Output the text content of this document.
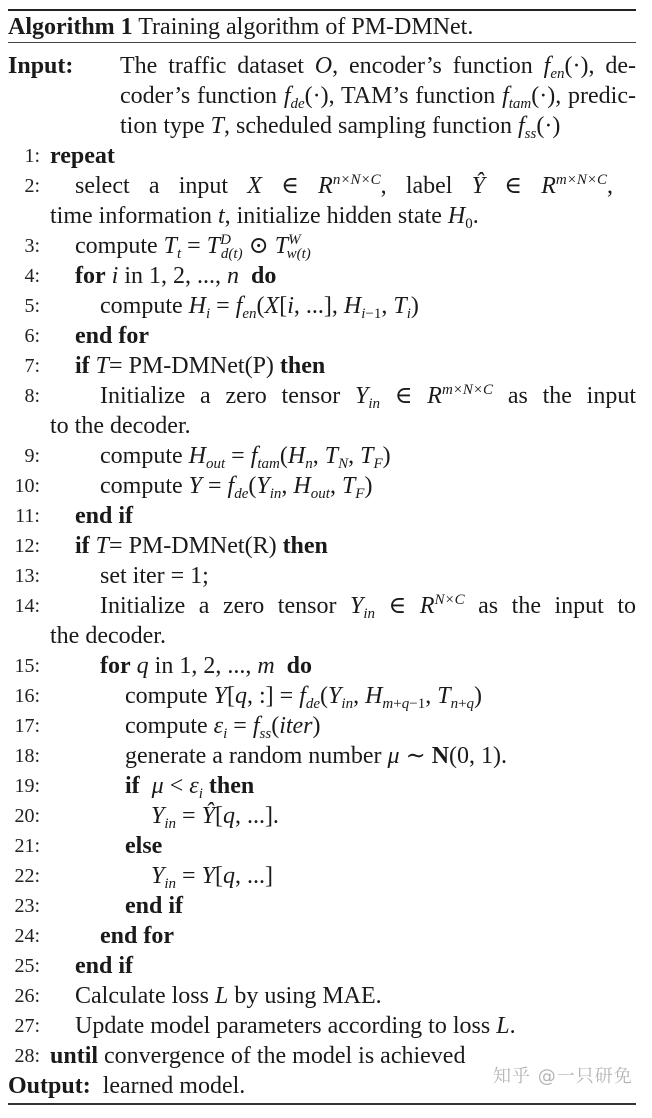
Algorithm 1 Training algorithm of PM-DMNet.
Input: The traffic dataset O, encoder’s function $f_{en}(\cdot)$, de-
coder’s function $f_{de}(\cdot)$, TAM’s function $f_{tam}(\cdot)$, predic-
tion type T, scheduled sampling function $f_{ss}(\cdot)$
1: repeat
2: select a input X ∈ $R^{n\times N\times C}$, label Ŷ ∈ $R^{m\times N\times C}$,
time information t, initialize hidden state $H_0$.
3: compute $T_t = T^D_{d(t)}$ ⊙ $T^W_{w(t)}$
4: for i in 1, 2, ..., n do
5:	compute $H_i = f_{en}(X[i$, ...], $H_{i-1}$, $T_i$)
6: end for
7: if T= PM-DMNet(P) then
8:	Initialize a zero tensor $Y_{in}$ ∈ $R^{m\times N\times C}$ as the input
to the decoder.
9:	compute $H_{out} = f_{tam}(H_n$, $T_N$, $T_F$)
10:	compute $Y = f_{de}(Y_{in}$, $H_{out}$, $T_F$)
11: end if
12: if T= PM-DMNet(R) then
13:	set iter = 1;
14:	Initialize a zero tensor $Y_{in}$ ∈ $R^{N\times C}$ as the input to
the decoder.
15:	for q in 1, 2, ..., m do
16:	compute Y[q, :] = $f_{de}(Y_{in}$, $H_{m+q-1}$, $T_{n+q}$)
17:	compute $\varepsilon_i$ = $f_{ss}(iter)$
18:	generate a random number μ ∼ N(0, 1).
19:	if $\mu < \varepsilon_i$ then
20:	$Y_{in}$ = Ŷ[q, ...].
21:	else
22:	$Y_{in} = Y[q$, ...]
23:	end if
24:	end for
25: end if
26: Calculate loss L by using MAE.
27: Update model parameters according to loss L.
28: until convergence of the model is achieved
Output: learned model.	知乎 @一只研免
